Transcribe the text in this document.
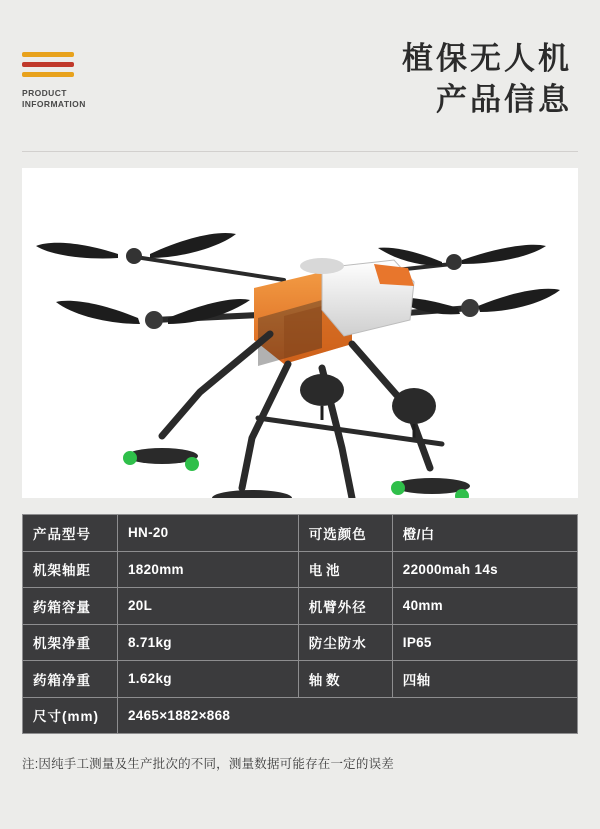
PRODUCT
INFORMATION
植保无人机
产品信息
产品型号	HN-20	可选颜色	橙/白
机架轴距	1820mm	电 池	22000mah 14s
药箱容量	20L	机臂外径	40mm
机架净重	8.71kg	防尘防水	IP65
药箱净重	1.62kg	轴 数	四轴
尺寸(mm)	2465×1882×868		
注:因纯手工测量及生产批次的不同，测量数据可能存在一定的误差
